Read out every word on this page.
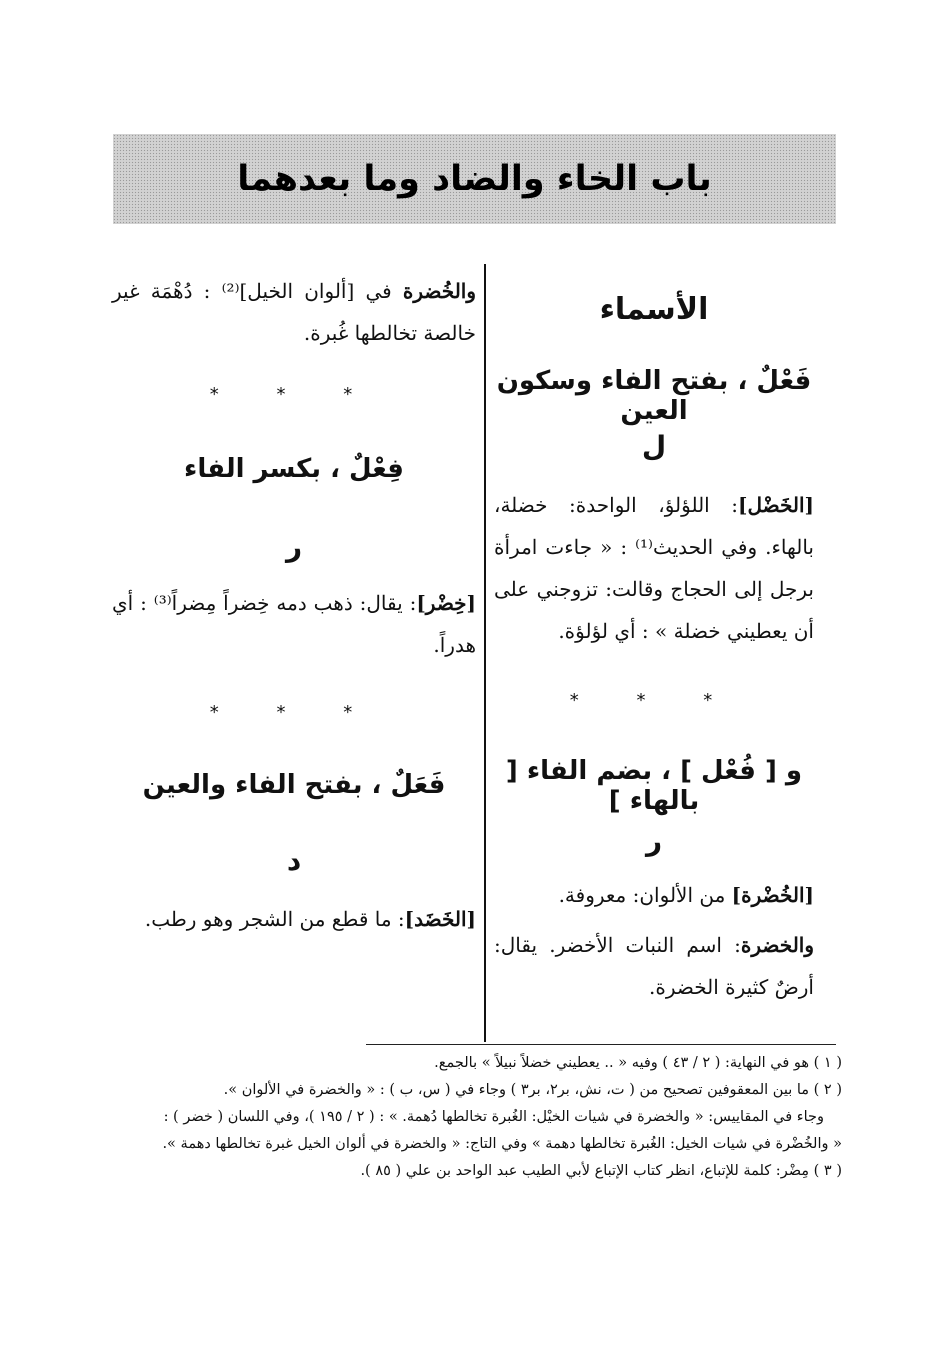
باب الخاء والضاد وما بعدهما
الأسماء
فَعْلٌ ، بفتح الفاء وسكون العين
ل

[الخَضْل]: اللؤلؤ، الواحدة: خضلة، بالهاء. وفي الحديث⁽¹⁾ : « جاءت امرأة برجل إلى الحجاج وقالت: تزوجني على أن يعطيني خضلة » : أي لؤلؤة.

* * *

و [ فُعْل ] ، بضم الفاء [ بالهاء ]
ر

[الخُضْرة] من الألوان: معروفة.

والخضرة: اسم النبات الأخضر. يقال: أرضٌ كثيرة الخضرة.

والخُضرة في [ألوان الخيل]⁽²⁾ : دُهْمَة غير خالصة تخالطها غُبرة.

* * *

فِعْلٌ ، بكسر الفاء
ر

[خِضْر]: يقال: ذهب دمه خِضراً مِضراً⁽³⁾ : أي هدراً.

* * *

فَعَلٌ ، بفتح الفاء والعين
د

[الخَضَد]: ما قطع من الشجر وهو رطب.

( ١ ) هو في النهاية: ( ٢ / ٤٣ ) وفيه « .. يعطيني خضلاً نبيلاً » بالجمع.

( ٢ ) ما بين المعقوفين تصحيح من ( ت، نش، بر٢، بر٣ ) وجاء في ( س، ب ) : « والخضرة في الألوان ».

وجاء في المقاييس: « والخضرة في شيات الخيْل: الغُبرة تخالطها دُهمة. » : ( ٢ / ١٩٥ )، وفي اللسان ( خضر ) :

« والخُضْرة في شيات الخيل: الغُبرة تخالطها دهمة » وفي التاج: « والخضرة في ألوان الخيل غبرة تخالطها دهمة ».

( ٣ ) مِضْر: كلمة للإتباع، انظر كتاب الإتباع لأبي الطيب عبد الواحد بن علي ( ٨٥ ).
